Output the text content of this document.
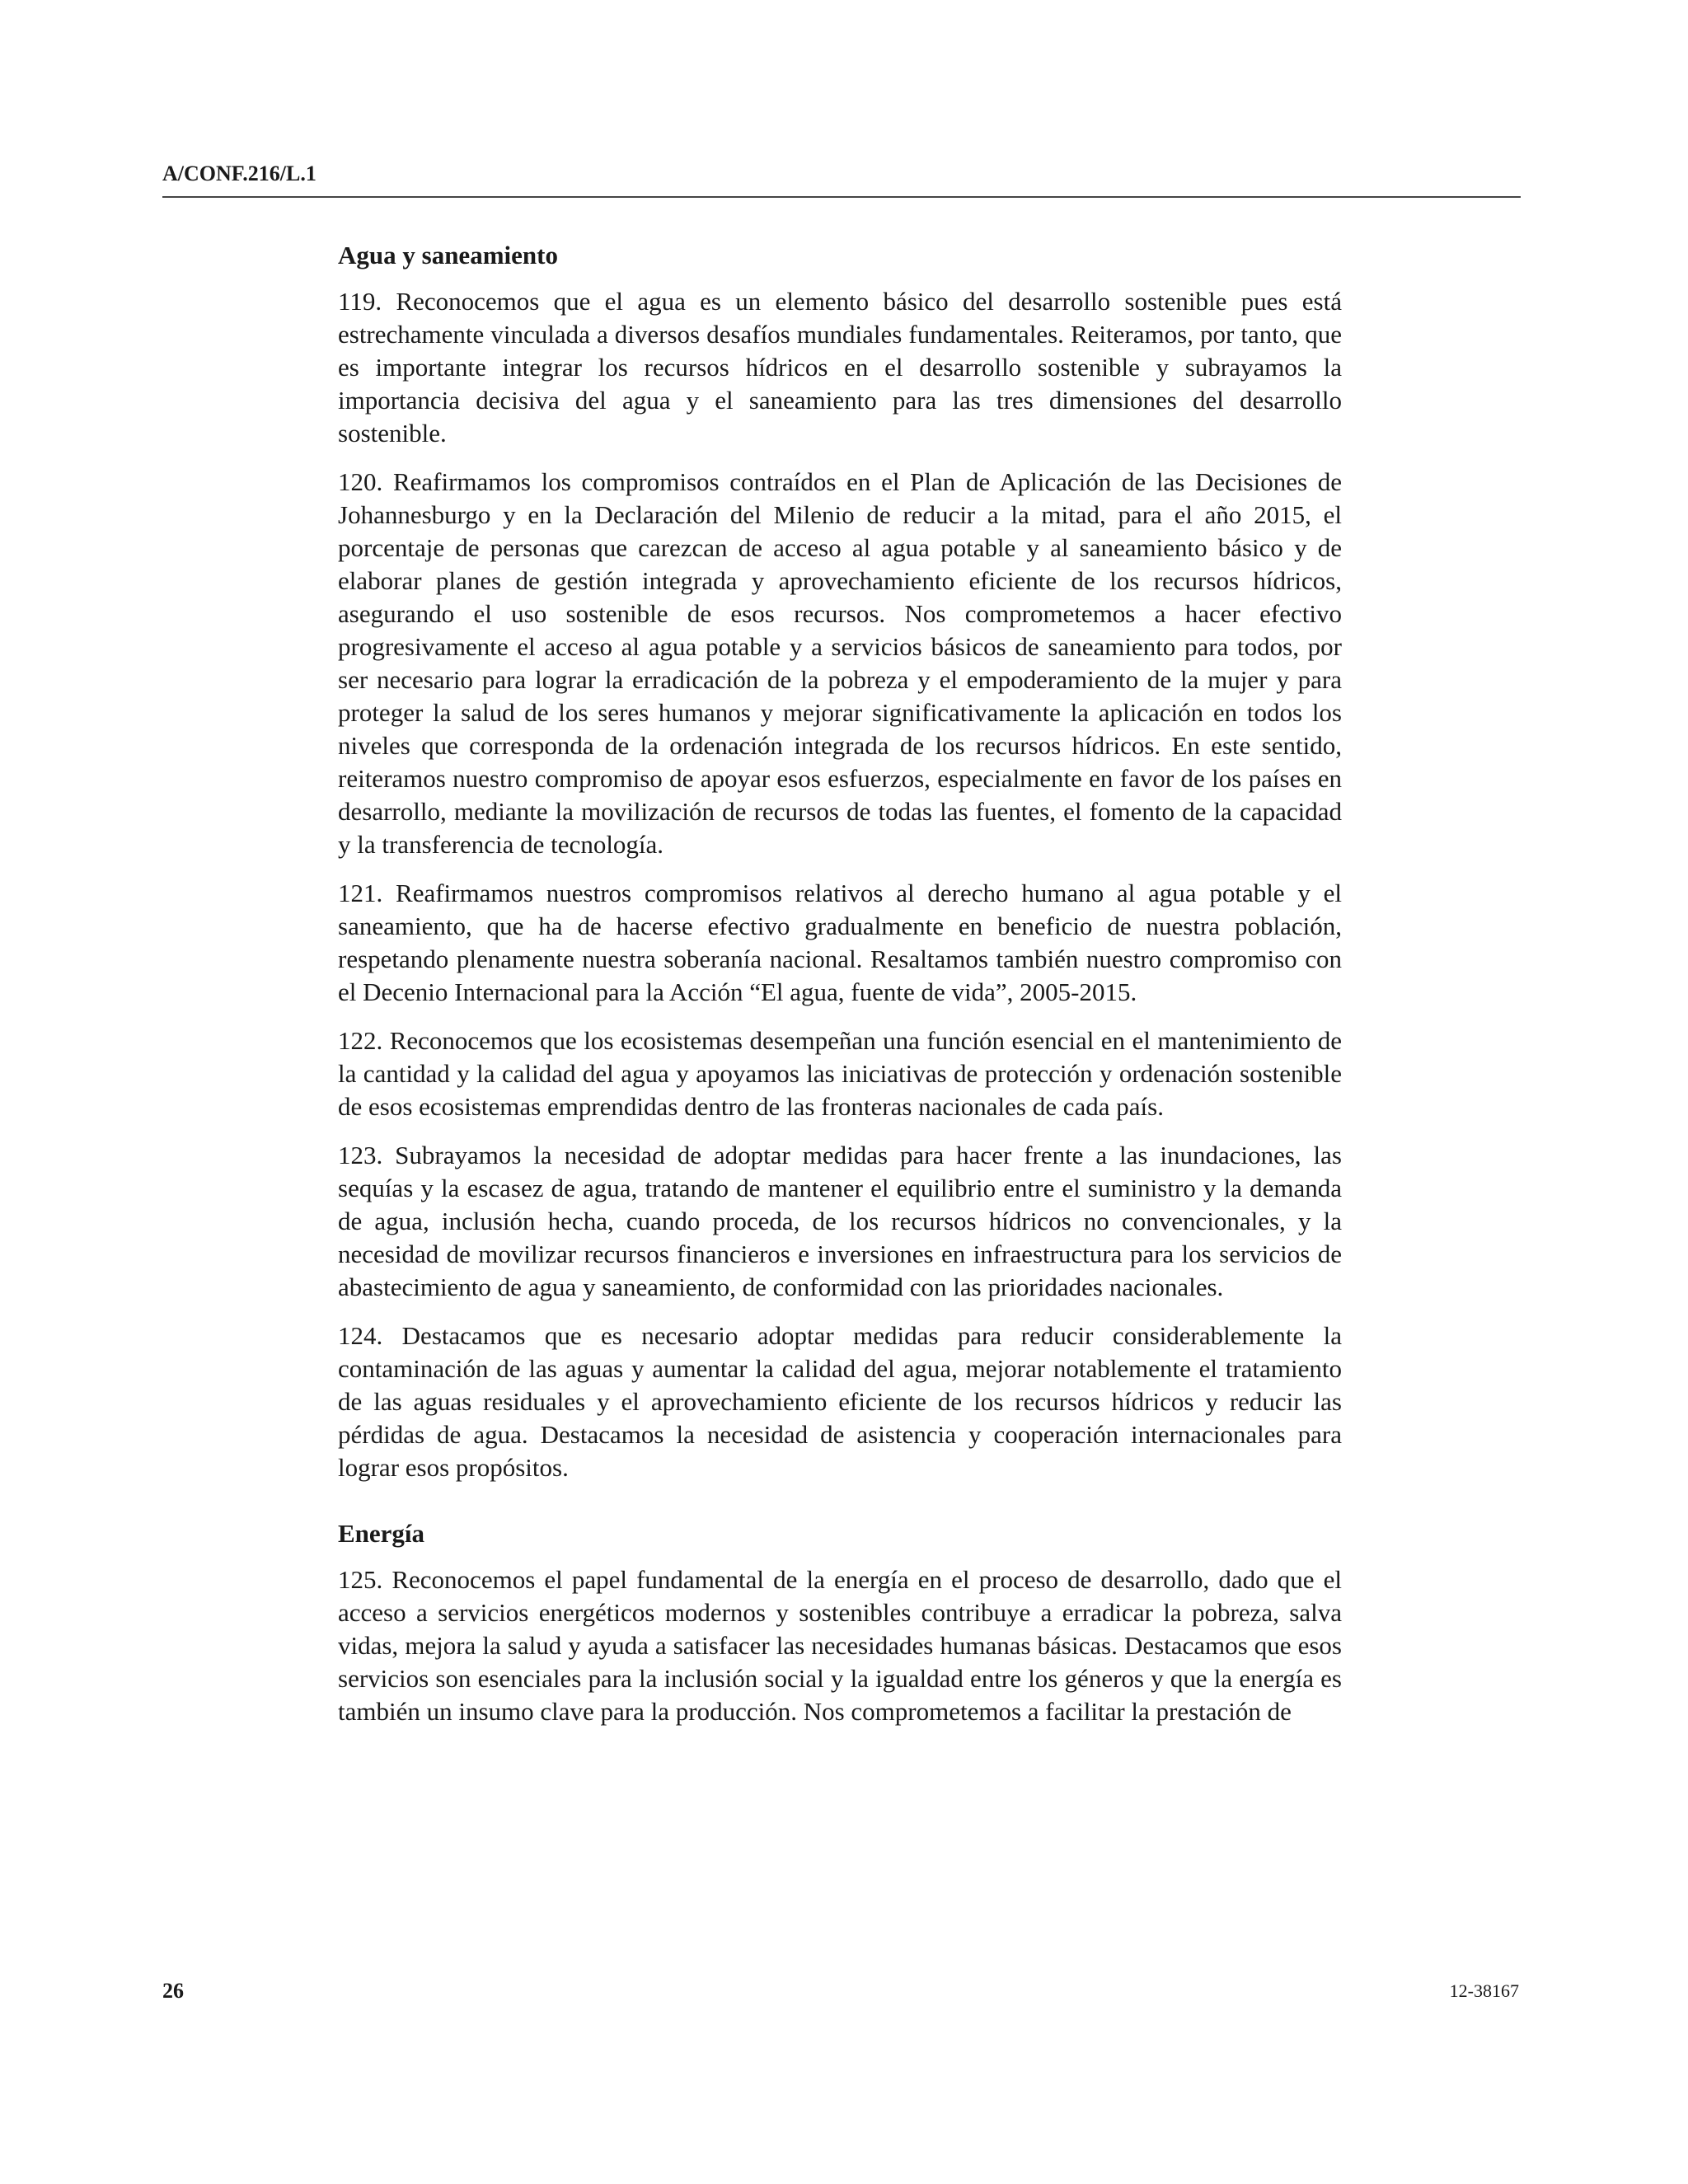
A/CONF.216/L.1
Agua y saneamiento

119. Reconocemos que el agua es un elemento básico del desarrollo sostenible pues está estrechamente vinculada a diversos desafíos mundiales fundamentales. Reiteramos, por tanto, que es importante integrar los recursos hídricos en el desarrollo sostenible y subrayamos la importancia decisiva del agua y el saneamiento para las tres dimensiones del desarrollo sostenible.

120. Reafirmamos los compromisos contraídos en el Plan de Aplicación de las Decisiones de Johannesburgo y en la Declaración del Milenio de reducir a la mitad, para el año 2015, el porcentaje de personas que carezcan de acceso al agua potable y al saneamiento básico y de elaborar planes de gestión integrada y aprovechamiento eficiente de los recursos hídricos, asegurando el uso sostenible de esos recursos. Nos comprometemos a hacer efectivo progresivamente el acceso al agua potable y a servicios básicos de saneamiento para todos, por ser necesario para lograr la erradicación de la pobreza y el empoderamiento de la mujer y para proteger la salud de los seres humanos y mejorar significativamente la aplicación en todos los niveles que corresponda de la ordenación integrada de los recursos hídricos. En este sentido, reiteramos nuestro compromiso de apoyar esos esfuerzos, especialmente en favor de los países en desarrollo, mediante la movilización de recursos de todas las fuentes, el fomento de la capacidad y la transferencia de tecnología.

121. Reafirmamos nuestros compromisos relativos al derecho humano al agua potable y el saneamiento, que ha de hacerse efectivo gradualmente en beneficio de nuestra población, respetando plenamente nuestra soberanía nacional. Resaltamos también nuestro compromiso con el Decenio Internacional para la Acción “El agua, fuente de vida”, 2005-2015.

122. Reconocemos que los ecosistemas desempeñan una función esencial en el mantenimiento de la cantidad y la calidad del agua y apoyamos las iniciativas de protección y ordenación sostenible de esos ecosistemas emprendidas dentro de las fronteras nacionales de cada país.

123. Subrayamos la necesidad de adoptar medidas para hacer frente a las inundaciones, las sequías y la escasez de agua, tratando de mantener el equilibrio entre el suministro y la demanda de agua, inclusión hecha, cuando proceda, de los recursos hídricos no convencionales, y la necesidad de movilizar recursos financieros e inversiones en infraestructura para los servicios de abastecimiento de agua y saneamiento, de conformidad con las prioridades nacionales.

124. Destacamos que es necesario adoptar medidas para reducir considerablemente la contaminación de las aguas y aumentar la calidad del agua, mejorar notablemente el tratamiento de las aguas residuales y el aprovechamiento eficiente de los recursos hídricos y reducir las pérdidas de agua. Destacamos la necesidad de asistencia y cooperación internacionales para lograr esos propósitos.

Energía

125. Reconocemos el papel fundamental de la energía en el proceso de desarrollo, dado que el acceso a servicios energéticos modernos y sostenibles contribuye a erradicar la pobreza, salva vidas, mejora la salud y ayuda a satisfacer las necesidades humanas básicas. Destacamos que esos servicios son esenciales para la inclusión social y la igualdad entre los géneros y que la energía es también un insumo clave para la producción. Nos comprometemos a facilitar la prestación de

26	12-38167
